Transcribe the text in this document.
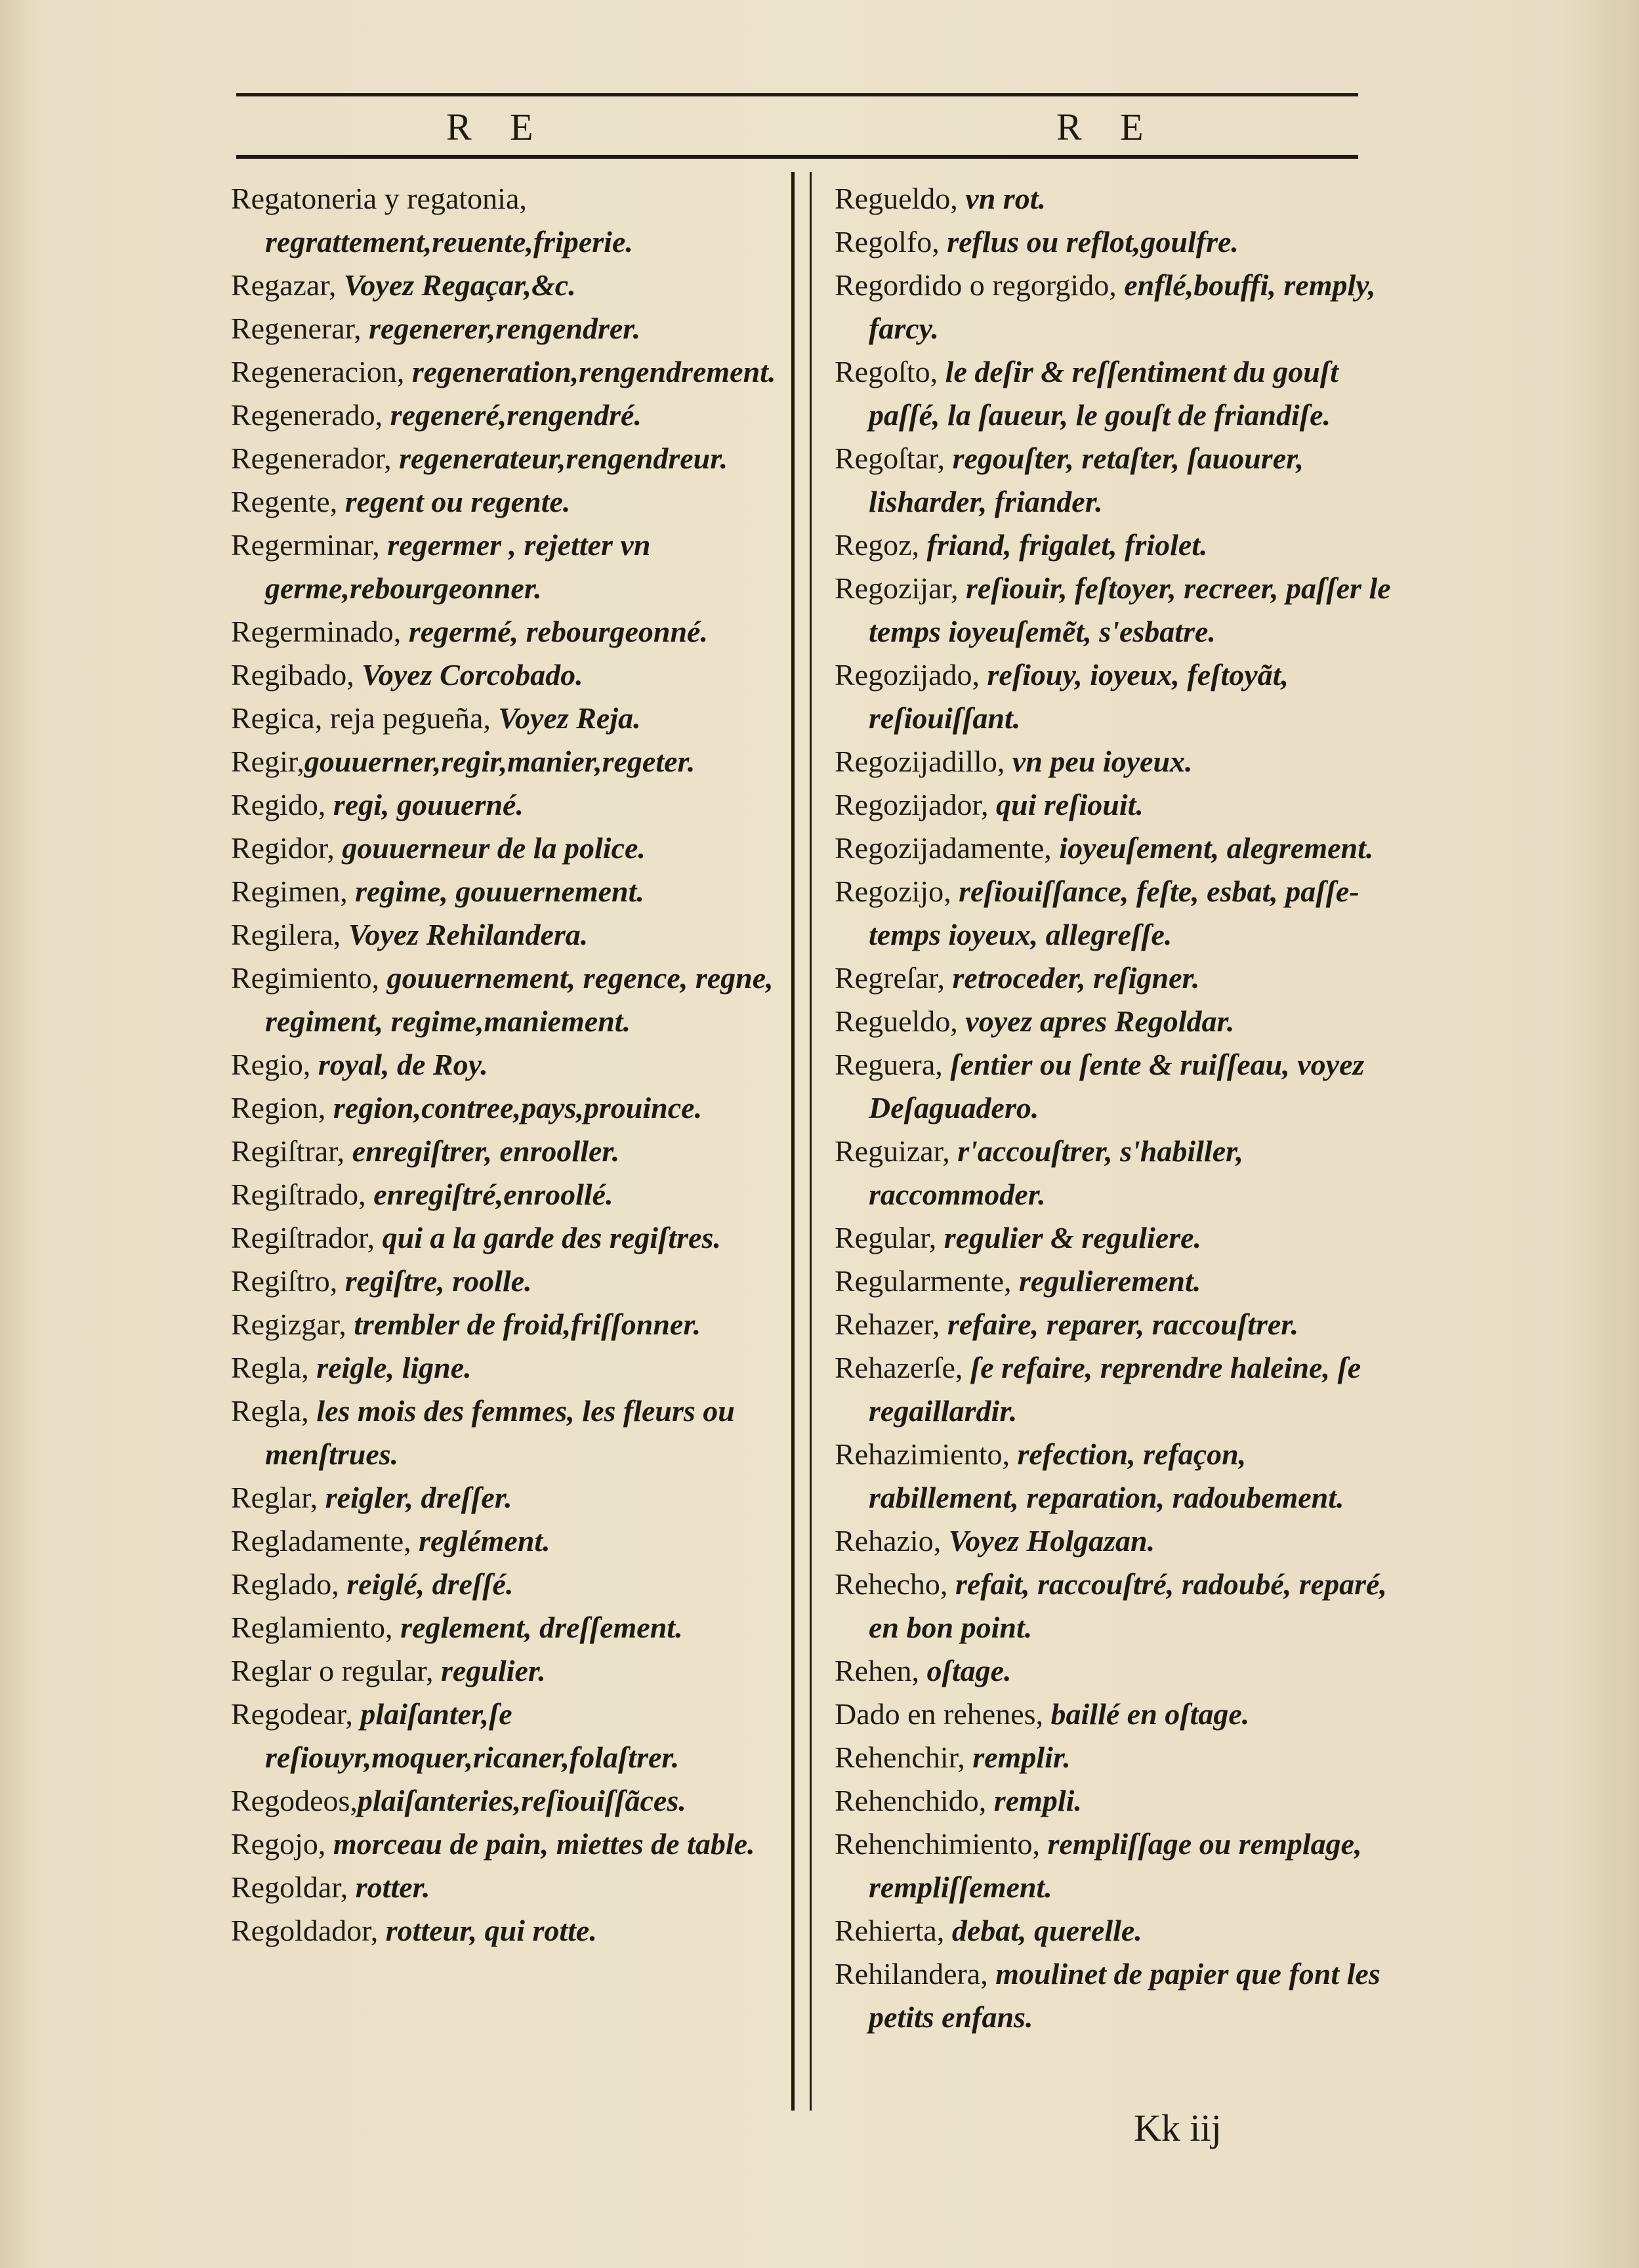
R E	R E

Regatoneria y regatonia, regrattement,reuente,friperie.

Regazar, Voyez Regaçar,&c.

Regenerar, regenerer,rengendrer.

Regeneracion, regeneration,rengendrement.

Regenerado, regeneré,rengendré.

Regenerador, regenerateur,rengendreur.

Regente, regent ou regente.

Regerminar, regermer , rejetter vn germe,rebourgeonner.

Regerminado, regermé, rebourgeonné.

Regibado, Voyez Corcobado.

Regica, reja pegueña, Voyez Reja.

Regir,gouuerner,regir,manier,regeter.

Regido, regi, gouuerné.

Regidor, gouuerneur de la police.

Regimen, regime, gouuernement.

Regilera, Voyez Rehilandera.

Regimiento, gouuernement, regence, regne, regiment, regime,maniement.

Regio, royal, de Roy.

Region, region,contree,pays,prouince.

Regiſtrar, enregiſtrer, enrooller.

Regiſtrado, enregiſtré,enroollé.

Regiſtrador, qui a la garde des regiſtres.

Regiſtro, regiſtre, roolle.

Regizgar, trembler de froid,friſſonner.

Regla, reigle, ligne.

Regla, les mois des femmes, les fleurs ou menſtrues.

Reglar, reigler, dreſſer.

Regladamente, reglément.

Reglado, reiglé, dreſſé.

Reglamiento, reglement, dreſſement.

Reglar o regular, regulier.

Regodear, plaiſanter,ſe reſiouyr,moquer,ricaner,folaſtrer.

Regodeos,plaiſanteries,reſiouiſſãces.

Regojo, morceau de pain, miettes de table.

Regoldar, rotter.

Regoldador, rotteur, qui rotte.

Regueldo, vn rot.

Regolfo, reflus ou reflot,goulfre.

Regordido o regorgido, enflé,bouffi, remply, farcy.

Regoſto, le deſir & reſſentiment du gouſt paſſé, la ſaueur, le gouſt de friandiſe.

Regoſtar, regouſter, retaſter, ſauourer, lisharder, friander.

Regoz, friand, frigalet, friolet.

Regozijar, reſiouir, feſtoyer, recreer, paſſer le temps ioyeuſemẽt, s'esbatre.

Regozijado, reſiouy, ioyeux, feſtoyãt, reſiouiſſant.

Regozijadillo, vn peu ioyeux.

Regozijador, qui reſiouit.

Regozijadamente, ioyeuſement, alegrement.

Regozijo, reſiouiſſance, feſte, esbat, paſſe-temps ioyeux, allegreſſe.

Regreſar, retroceder, reſigner.

Regueldo, voyez apres Regoldar.

Reguera, ſentier ou ſente & ruiſſeau, voyez Deſaguadero.

Reguizar, r'accouſtrer, s'habiller, raccommoder.

Regular, regulier & reguliere.

Regularmente, regulierement.

Rehazer, refaire, reparer, raccouſtrer.

Rehazerſe, ſe refaire, reprendre haleine, ſe regaillardir.

Rehazimiento, refection, refaçon, rabillement, reparation, radoubement.

Rehazio, Voyez Holgazan.

Rehecho, refait, raccouſtré, radoubé, reparé, en bon point.

Rehen, oſtage.

Dado en rehenes, baillé en oſtage.

Rehenchir, remplir.

Rehenchido, rempli.

Rehenchimiento, rempliſſage ou remplage, rempliſſement.

Rehierta, debat, querelle.

Rehilandera, moulinet de papier que font les petits enfans.

Kk iij
